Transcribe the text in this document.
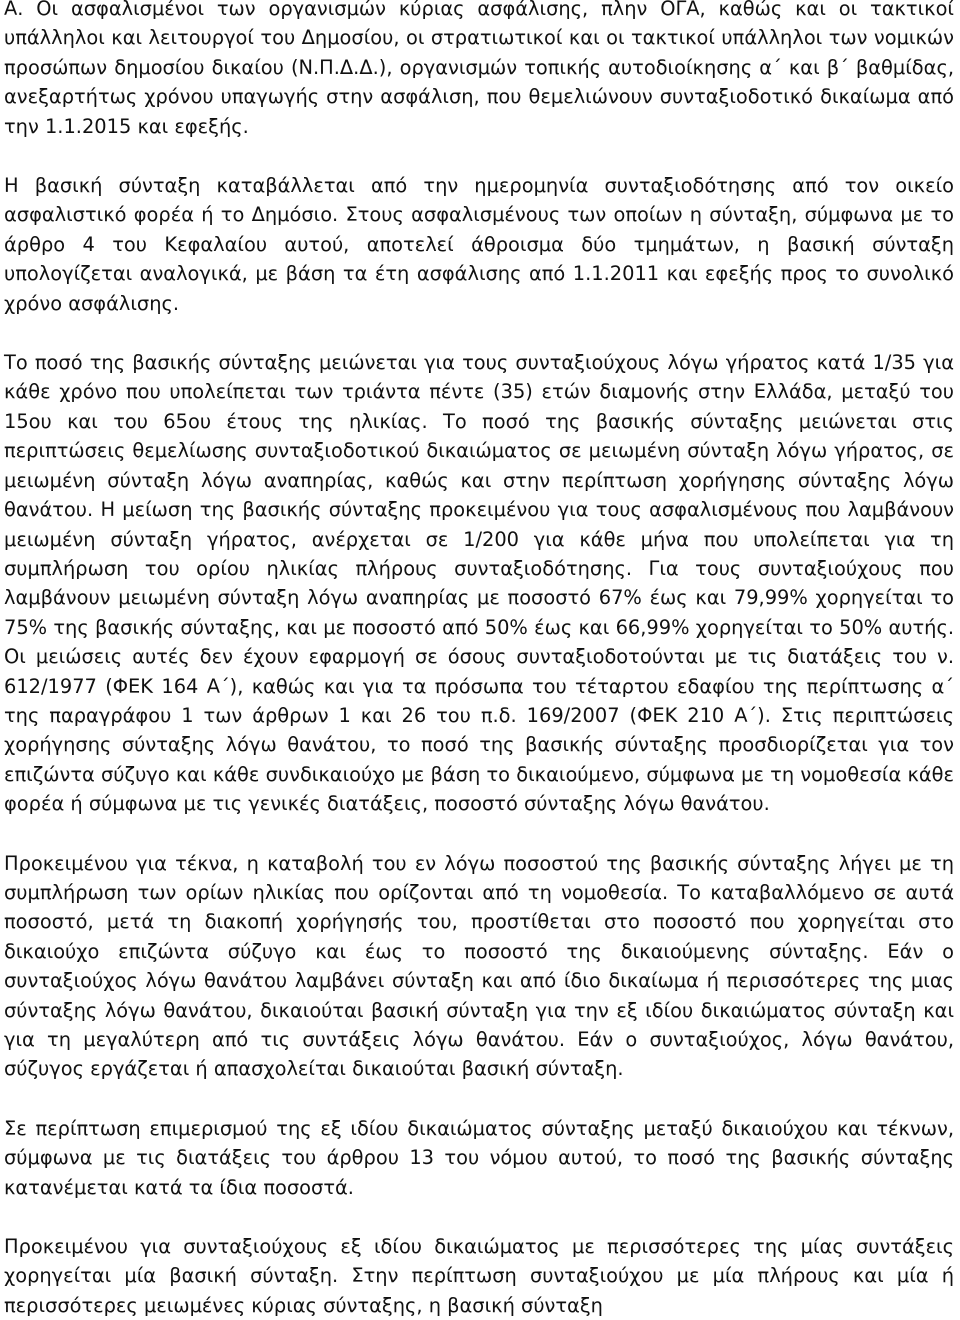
Α. Οι ασφαλισμένοι των οργανισμών κύριας ασφάλισης, πλην ΟΓΑ, καθώς και οι τακτικοί υπάλληλοι και λειτουργοί του Δημοσίου, οι στρατιωτικοί και οι τακτικοί υπάλληλοι των νομικών προσώπων δημοσίου δικαίου (Ν.Π.Δ.Δ.), οργανισμών τοπικής αυτοδιοίκησης α΄ και β΄ βαθμίδας, ανεξαρτήτως χρόνου υπαγωγής στην ασφάλιση, που θεμελιώνουν συνταξιοδοτικό δικαίωμα από την 1.1.2015 και εφεξής.

Η βασική σύνταξη καταβάλλεται από την ημερομηνία συνταξιοδότησης από τον οικείο ασφαλιστικό φορέα ή το Δημόσιο. Στους ασφαλισμένους των οποίων η σύνταξη, σύμφωνα με το άρθρο 4 του Κεφαλαίου αυτού, αποτελεί άθροισμα δύο τμημάτων, η βασική σύνταξη υπολογίζεται αναλογικά, με βάση τα έτη ασφάλισης από 1.1.2011 και εφεξής προς το συνολικό χρόνο ασφάλισης.

Το ποσό της βασικής σύνταξης μειώνεται για τους συνταξιούχους λόγω γήρατος κατά 1/35 για κάθε χρόνο που υπολείπεται των τριάντα πέντε (35) ετών διαμονής στην Ελλάδα, μεταξύ του 15ου και του 65ου έτους της ηλικίας. Το ποσό της βασικής σύνταξης μειώνεται στις περιπτώσεις θεμελίωσης συνταξιοδοτικού δικαιώματος σε μειωμένη σύνταξη λόγω γήρατος, σε μειωμένη σύνταξη λόγω αναπηρίας, καθώς και στην περίπτωση χορήγησης σύνταξης λόγω θανάτου. Η μείωση της βασικής σύνταξης προκειμένου για τους ασφαλισμένους που λαμβάνουν μειωμένη σύνταξη γήρατος, ανέρχεται σε 1/200 για κάθε μήνα που υπολείπεται για τη συμπλήρωση του ορίου ηλικίας πλήρους συνταξιοδότησης. Για τους συνταξιούχους που λαμβάνουν μειωμένη σύνταξη λόγω αναπηρίας με ποσοστό 67% έως και 79,99% χορηγείται το 75% της βασικής σύνταξης, και με ποσοστό από 50% έως και 66,99% χορηγείται το 50% αυτής. Οι μειώσεις αυτές δεν έχουν εφαρμογή σε όσους συνταξιοδοτούνται με τις διατάξεις του ν. 612/1977 (ΦΕΚ 164 Α΄), καθώς και για τα πρόσωπα του τέταρτου εδαφίου της περίπτωσης α΄ της παραγράφου 1 των άρθρων 1 και 26 του π.δ. 169/2007 (ΦΕΚ 210 Α΄). Στις περιπτώσεις χορήγησης σύνταξης λόγω θανάτου, το ποσό της βασικής σύνταξης προσδιορίζεται για τον επιζώντα σύζυγο και κάθε συνδικαιούχο με βάση το δικαιούμενο, σύμφωνα με τη νομοθεσία κάθε φορέα ή σύμφωνα με τις γενικές διατάξεις, ποσοστό σύνταξης λόγω θανάτου.

Προκειμένου για τέκνα, η καταβολή του εν λόγω ποσοστού της βασικής σύνταξης λήγει με τη συμπλήρωση των ορίων ηλικίας που ορίζονται από τη νομοθεσία. Το καταβαλλόμενο σε αυτά ποσοστό, μετά τη διακοπή χορήγησής του, προστίθεται στο ποσοστό που χορηγείται στο δικαιούχο επιζώντα σύζυγο και έως το ποσοστό της δικαιούμενης σύνταξης. Εάν ο συνταξιούχος λόγω θανάτου λαμβάνει σύνταξη και από ίδιο δικαίωμα ή περισσότερες της μιας σύνταξης λόγω θανάτου, δικαιούται βασική σύνταξη για την εξ ιδίου δικαιώματος σύνταξη και για τη μεγαλύτερη από τις συντάξεις λόγω θανάτου. Εάν ο συνταξιούχος, λόγω θανάτου, σύζυγος εργάζεται ή απασχολείται δικαιούται βασική σύνταξη.

Σε περίπτωση επιμερισμού της εξ ιδίου δικαιώματος σύνταξης μεταξύ δικαιούχου και τέκνων, σύμφωνα με τις διατάξεις του άρθρου 13 του νόμου αυτού, το ποσό της βασικής σύνταξης κατανέμεται κατά τα ίδια ποσοστά.

Προκειμένου για συνταξιούχους εξ ιδίου δικαιώματος με περισσότερες της μίας συντάξεις χορηγείται μία βασική σύνταξη. Στην περίπτωση συνταξιούχου με μία πλήρους και μία ή περισσότερες μειωμένες κύριας σύνταξης, η βασική σύνταξη
